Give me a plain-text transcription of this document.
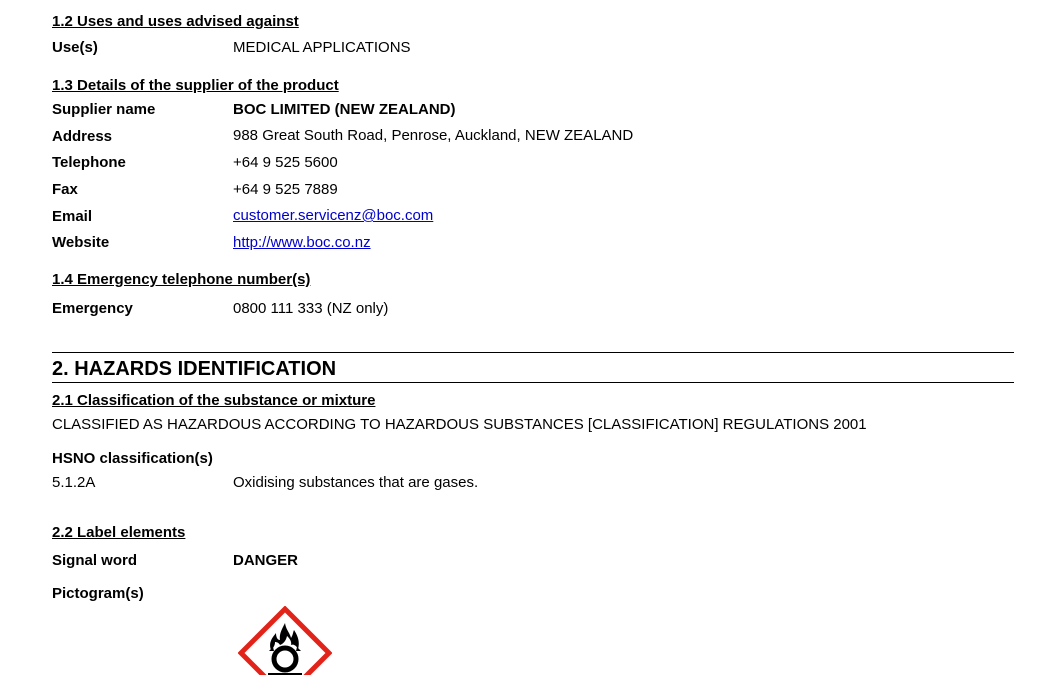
1.2 Uses and uses advised against
Use(s)	MEDICAL APPLICATIONS
1.3 Details of the supplier of the product
Supplier name	BOC LIMITED (NEW ZEALAND)
Address	988 Great South Road, Penrose, Auckland, NEW ZEALAND
Telephone	+64 9 525 5600
Fax	+64 9 525 7889
Email	customer.servicenz@boc.com
Website	http://www.boc.co.nz
1.4 Emergency telephone number(s)
Emergency	0800 111 333 (NZ only)
2. HAZARDS IDENTIFICATION
2.1 Classification of the substance or mixture
CLASSIFIED AS HAZARDOUS ACCORDING TO HAZARDOUS SUBSTANCES [CLASSIFICATION] REGULATIONS 2001
HSNO classification(s)
5.1.2A	Oxidising substances that are gases.
2.2 Label elements
Signal word	DANGER
Pictogram(s)
